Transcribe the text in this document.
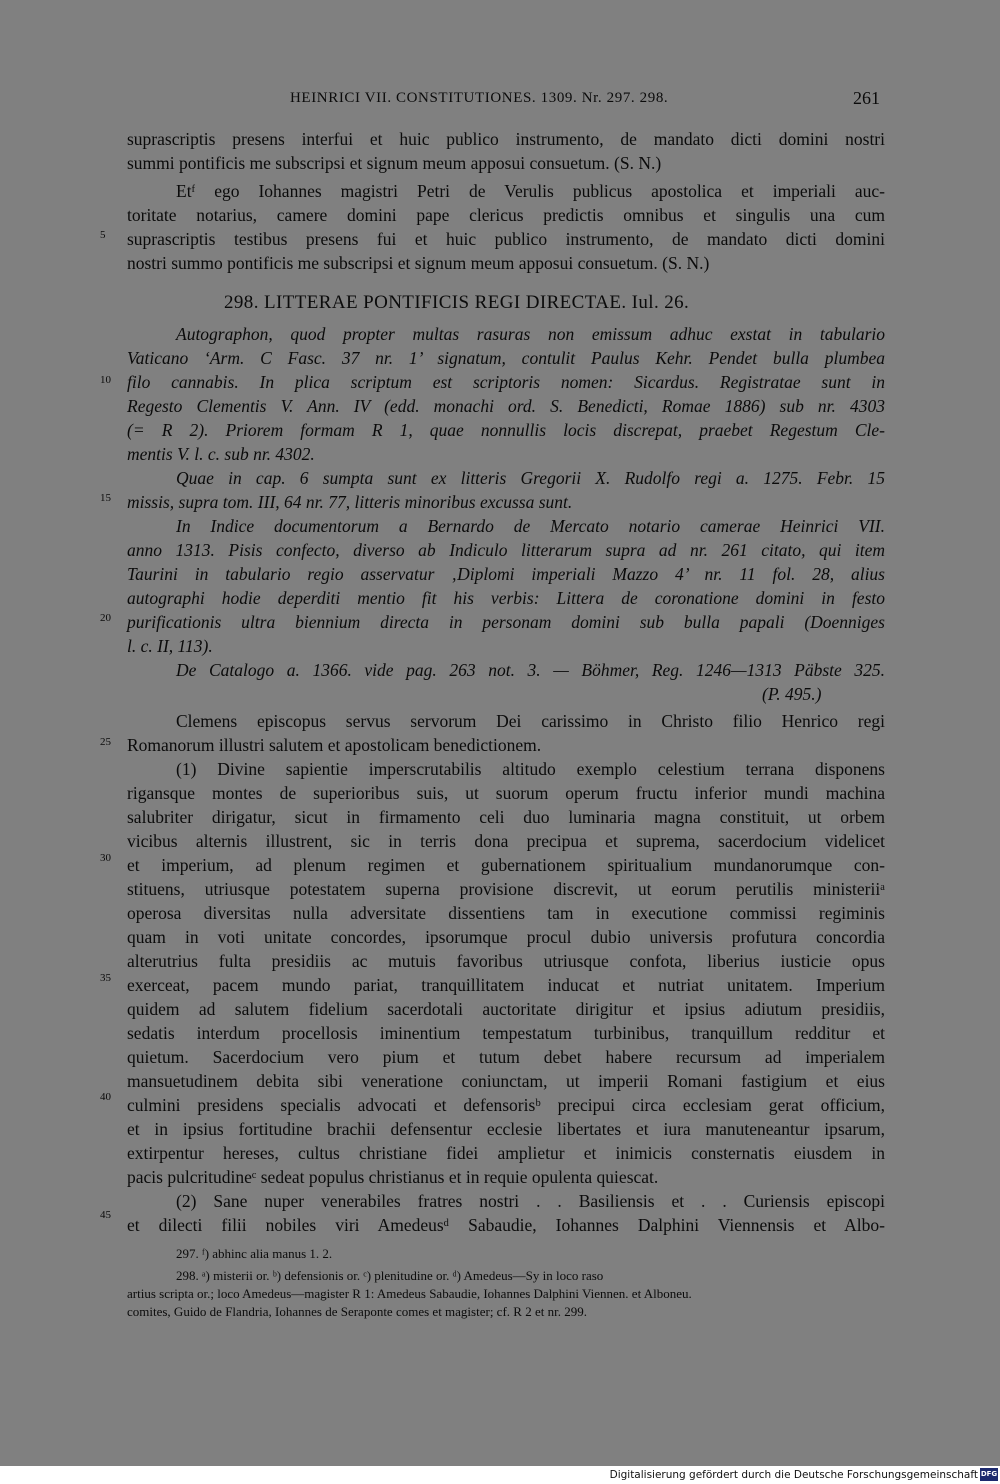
HEINRICI VII. CONSTITUTIONES. 1309. Nr. 297. 298.	261
5
10
15
20
25
30
35
40
45
suprascriptis presens interfui et huic publico instrumento, de mandato dicti domini nostri
summi pontificis me subscripsi et signum meum apposui consuetum. (S. N.)
Etᶠ ego Iohannes magistri Petri de Verulis publicus apostolica et imperiali auc-
toritate notarius, camere domini pape clericus predictis omnibus et singulis una cum
suprascriptis testibus presens fui et huic publico instrumento, de mandato dicti domini
nostri summo pontificis me subscripsi et signum meum apposui consuetum. (S. N.)
298. LITTERAE PONTIFICIS REGI DIRECTAE. Iul. 26.
Autographon, quod propter multas rasuras non emissum adhuc exstat in tabulario
Vaticano ‘Arm. C Fasc. 37 nr. 1’ signatum, contulit Paulus Kehr. Pendet bulla plumbea
filo cannabis. In plica scriptum est scriptoris nomen: Sicardus. Registratae sunt in
Regesto Clementis V. Ann. IV (edd. monachi ord. S. Benedicti, Romae 1886) sub nr. 4303
(= R 2). Priorem formam R 1, quae nonnullis locis discrepat, praebet Regestum Cle-
mentis V. l. c. sub nr. 4302.
Quae in cap. 6 sumpta sunt ex litteris Gregorii X. Rudolfo regi a. 1275. Febr. 15
missis, supra tom. III, 64 nr. 77, litteris minoribus excussa sunt.
In Indice documentorum a Bernardo de Mercato notario camerae Heinrici VII.
anno 1313. Pisis confecto, diverso ab Indiculo litterarum supra ad nr. 261 citato, qui item
Taurini in tabulario regio asservatur ‚Diplomi imperiali Mazzo 4’ nr. 11 fol. 28, alius
autographi hodie deperditi mentio fit his verbis: Littera de coronatione domini in festo
purificationis ultra biennium directa in personam domini sub bulla papali (Doenniges
l. c. II, 113).
De Catalogo a. 1366. vide pag. 263 not. 3. — Böhmer, Reg. 1246—1313 Päbste 325.
(P. 495.)
Clemens episcopus servus servorum Dei carissimo in Christo filio Henrico regi
Romanorum illustri salutem et apostolicam benedictionem.
(1) Divine sapientie imperscrutabilis altitudo exemplo celestium terrana disponens
rigansque montes de superioribus suis, ut suorum operum fructu inferior mundi machina
salubriter dirigatur, sicut in firmamento celi duo luminaria magna constituit, ut orbem
vicibus alternis illustrent, sic in terris dona precipua et suprema, sacerdocium videlicet
et imperium, ad plenum regimen et gubernationem spiritualium mundanorumque con-
stituens, utriusque potestatem superna provisione discrevit, ut eorum perutilis ministeriiᵃ
operosa diversitas nulla adversitate dissentiens tam in executione commissi regiminis
quam in voti unitate concordes, ipsorumque procul dubio universis profutura concordia
alterutrius fulta presidiis ac mutuis favoribus utriusque confota, liberius iusticie opus
exerceat, pacem mundo pariat, tranquillitatem inducat et nutriat unitatem. Imperium
quidem ad salutem fidelium sacerdotali auctoritate dirigitur et ipsius adiutum presidiis,
sedatis interdum procellosis iminentium tempestatum turbinibus, tranquillum redditur et
quietum. Sacerdocium vero pium et tutum debet habere recursum ad imperialem
mansuetudinem debita sibi veneratione coniunctam, ut imperii Romani fastigium et eius
culmini presidens specialis advocati et defensorisᵇ precipui circa ecclesiam gerat officium,
et in ipsius fortitudine brachii defensentur ecclesie libertates et iura manuteneantur ipsarum,
extirpentur hereses, cultus christiane fidei amplietur et inimicis consternatis eiusdem in
pacis pulcritudineᶜ sedeat populus christianus et in requie opulenta quiescat.
(2) Sane nuper venerabiles fratres nostri . . Basiliensis et . . Curiensis episcopi
et dilecti filii nobiles viri Amedeusᵈ Sabaudie, Iohannes Dalphini Viennensis et Albo-
297. ᶠ) abhinc alia manus 1. 2.
298. ᵃ) misterii or. ᵇ) defensionis or. ᶜ) plenitudine or. ᵈ) Amedeus—Sy in loco raso
artius scripta or.; loco Amedeus—magister R 1: Amedeus Sabaudie, Iohannes Dalphini Viennen. et Alboneu.
comites, Guido de Flandria, Iohannes de Seraponte comes et magister; cf. R 2 et nr. 299.
Digitalisierung gefördert durch die Deutsche Forschungsgemeinschaft DFG
